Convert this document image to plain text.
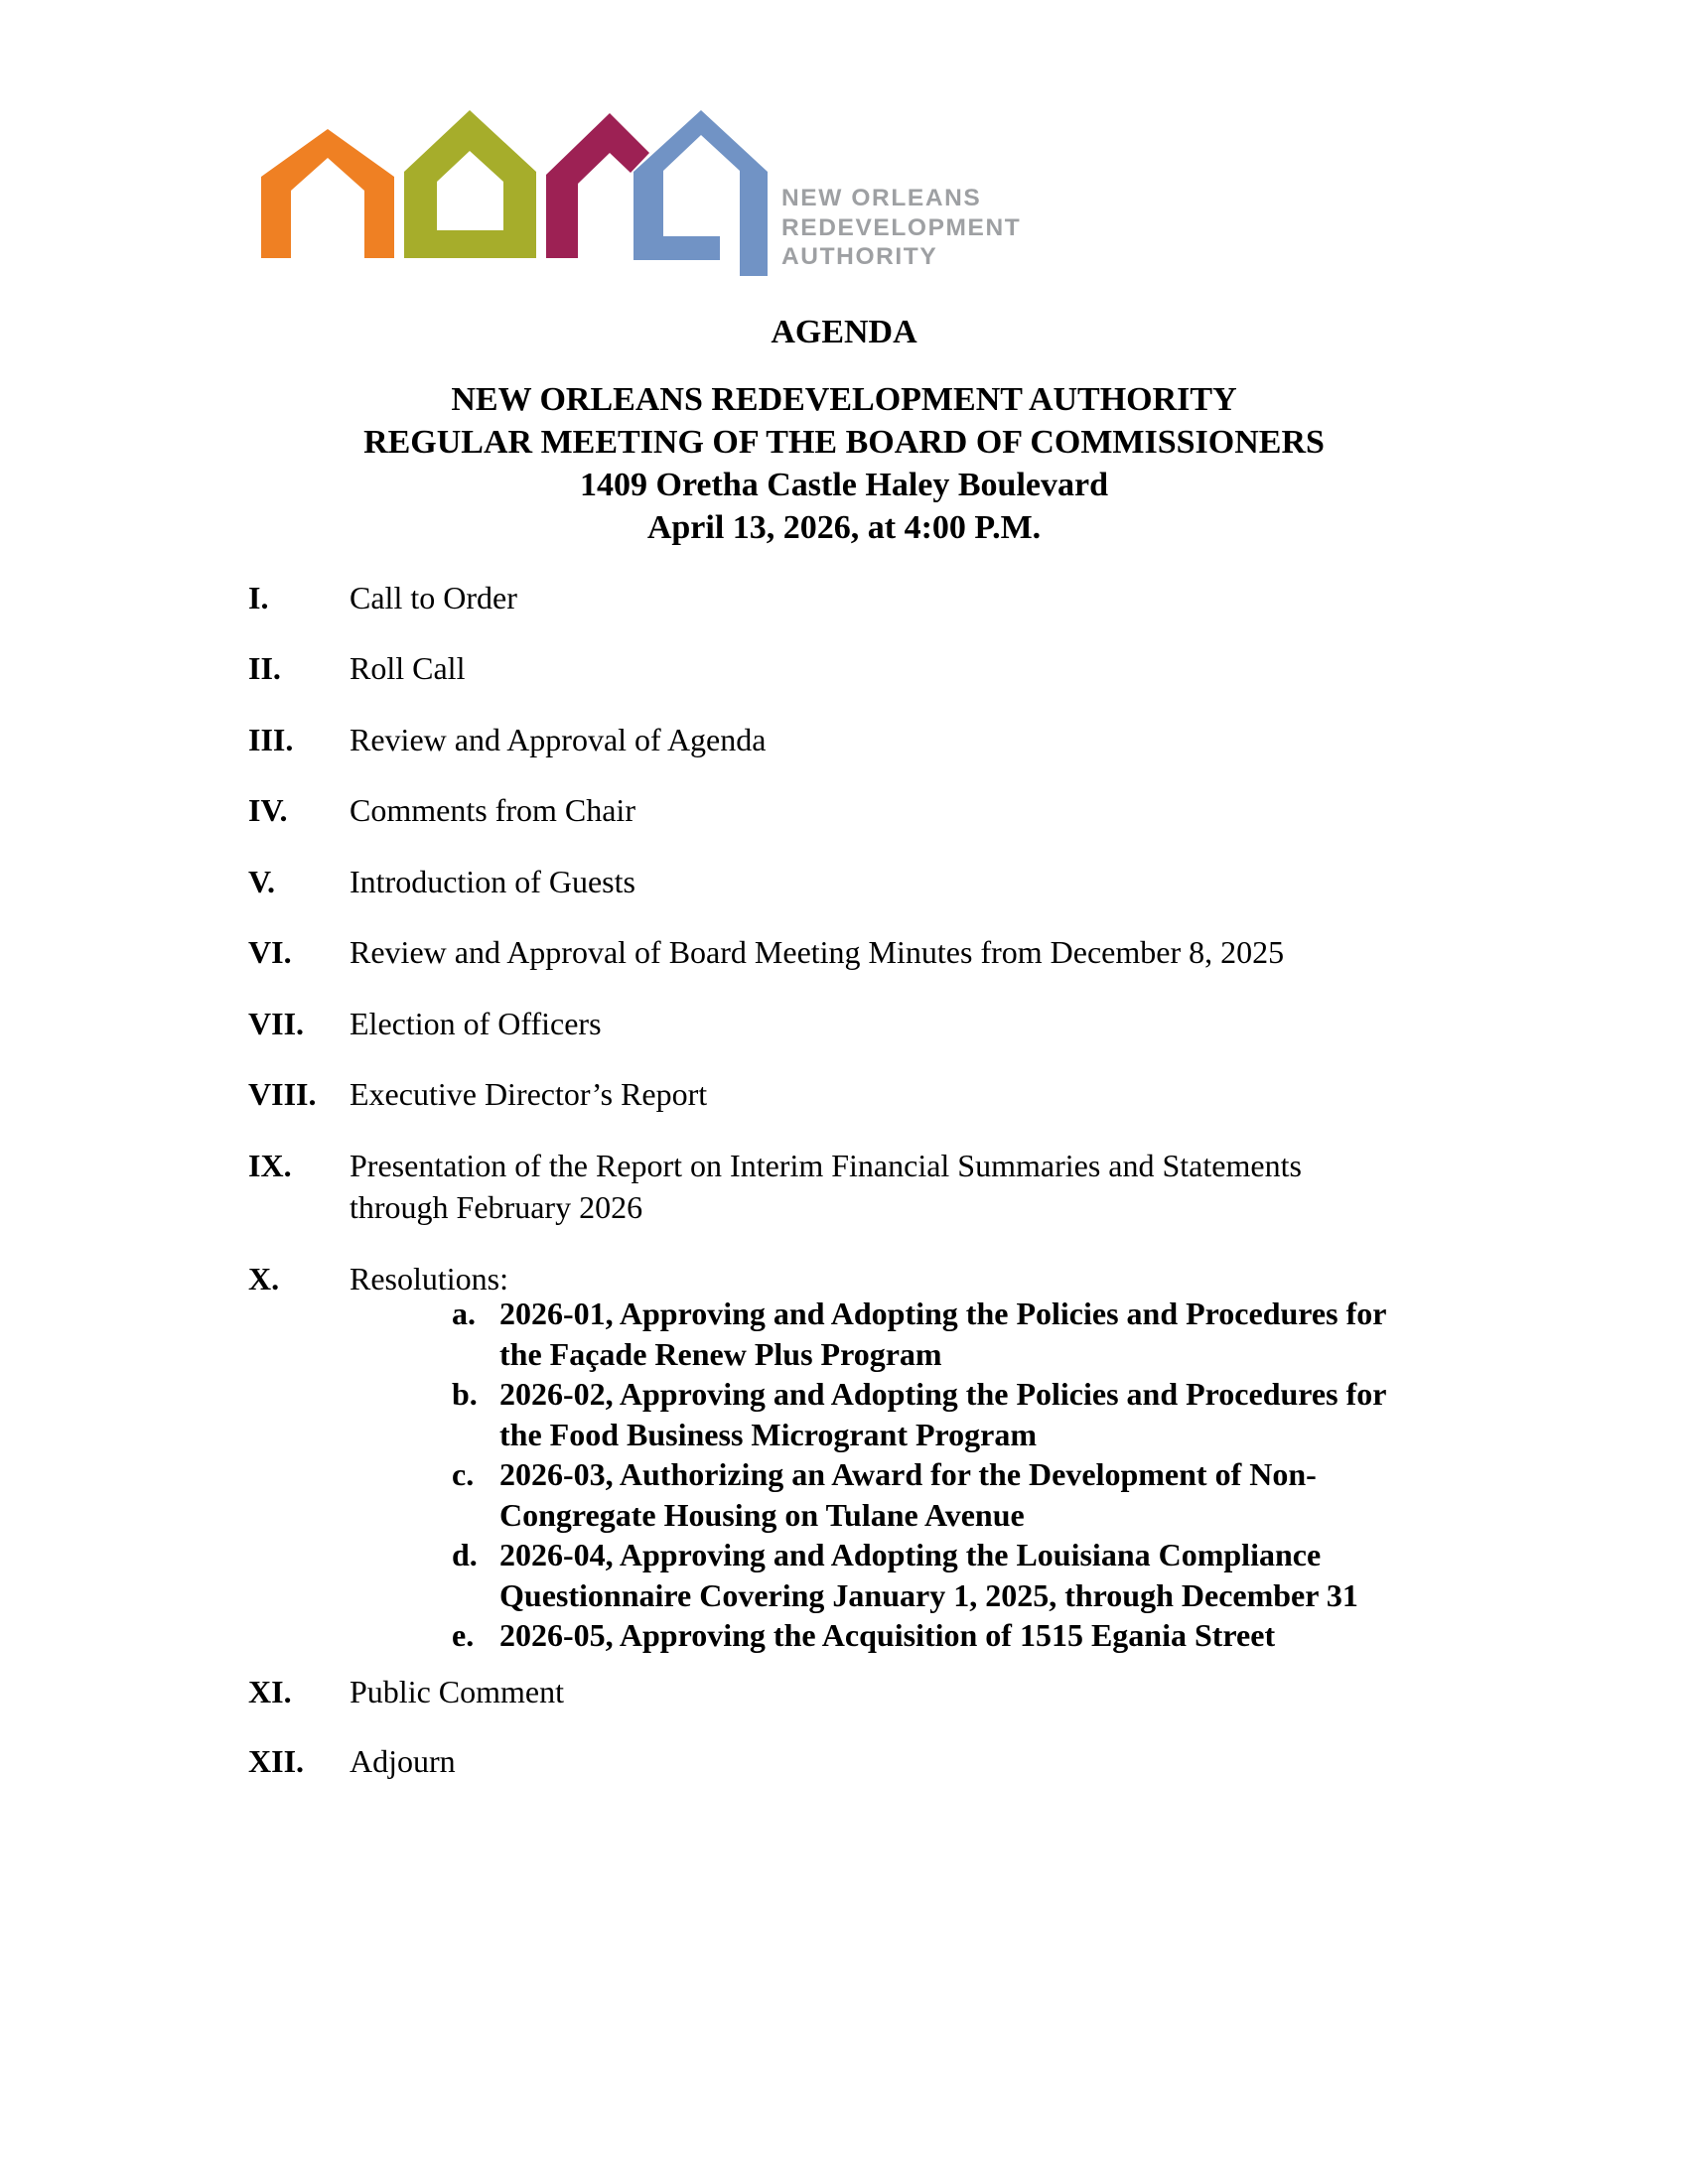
NEW ORLEANS
REDEVELOPMENT
AUTHORITY
AGENDA
NEW ORLEANS REDEVELOPMENT AUTHORITY
REGULAR MEETING OF THE BOARD OF COMMISSIONERS
1409 Oretha Castle Haley Boulevard
April 13, 2026, at 4:00 P.M.
I.	Call to Order
II.	Roll Call
III.	Review and Approval of Agenda
IV.	Comments from Chair
V.	Introduction of Guests
VI.	Review and Approval of Board Meeting Minutes from December 8, 2025
VII.	Election of Officers
VIII.	Executive Director’s Report
IX.	Presentation of the Report on Interim Financial Summaries and Statements
through February 2026
X.	Resolutions:
a. 2026-01, Approving and Adopting the Policies and Procedures for
the Façade Renew Plus Program
b. 2026-02, Approving and Adopting the Policies and Procedures for
the Food Business Microgrant Program
c. 2026-03, Authorizing an Award for the Development of Non-
Congregate Housing on Tulane Avenue
d. 2026-04, Approving and Adopting the Louisiana Compliance
Questionnaire Covering January 1, 2025, through December 31
e. 2026-05, Approving the Acquisition of 1515 Egania Street
XI.	Public Comment
XII.	Adjourn
